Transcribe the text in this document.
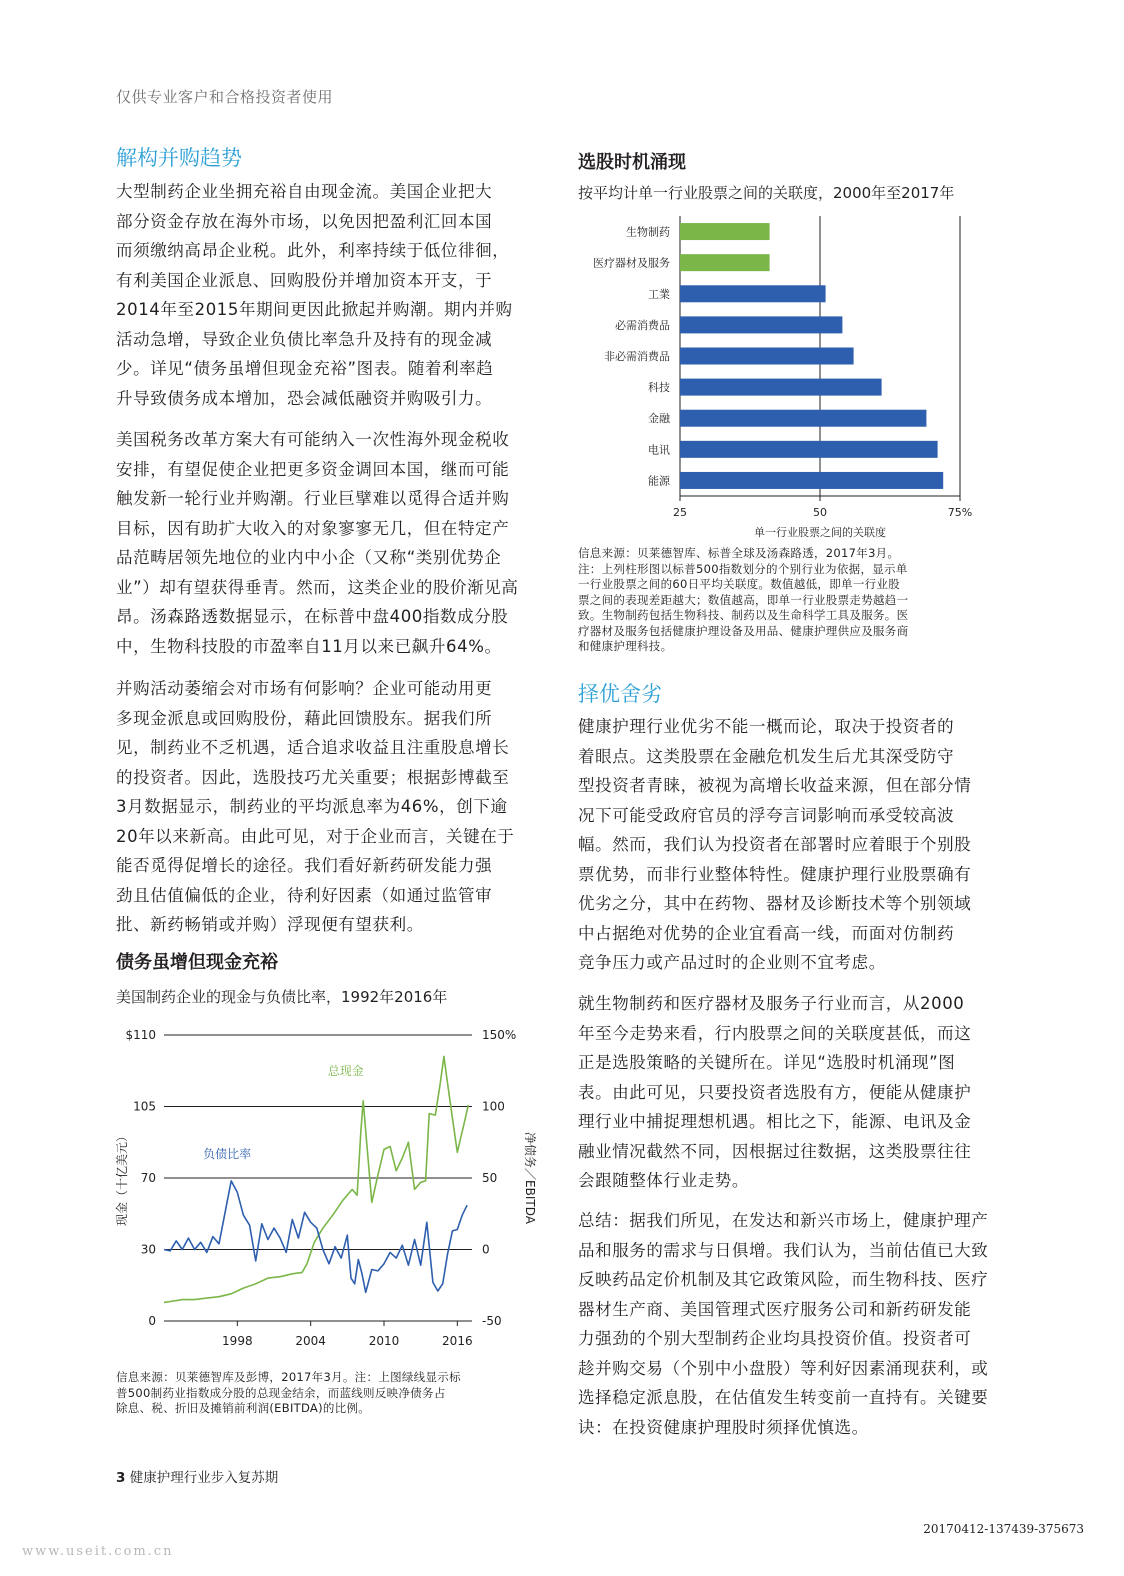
仅供专业客户和合格投资者使用
解构并购趋势

大型制药企业坐拥充裕自由现金流。美国企业把大
部分资金存放在海外市场，以免因把盈利汇回本国
而须缴纳高昂企业税。此外，利率持续于低位徘徊，
有利美国企业派息、回购股份并增加资本开支，于
2014年至2015年期间更因此掀起并购潮。期内并购
活动急增，导致企业负债比率急升及持有的现金减
少。详见“债务虽增但现金充裕”图表。随着利率趋
升导致债务成本增加，恐会减低融资并购吸引力。

美国税务改革方案大有可能纳入一次性海外现金税收
安排，有望促使企业把更多资金调回本国，继而可能
触发新一轮行业并购潮。行业巨擘难以觅得合适并购
目标，因有助扩大收入的对象寥寥无几，但在特定产
品范畴居领先地位的业内中小企（又称“类别优势企
业”）却有望获得垂青。然而，这类企业的股价渐见高
昂。汤森路透数据显示，在标普中盘400指数成分股
中，生物科技股的市盈率自11月以来已飙升64%。

并购活动萎缩会对市场有何影响？企业可能动用更
多现金派息或回购股份，藉此回馈股东。据我们所
见，制药业不乏机遇，适合追求收益且注重股息增长
的投资者。因此，选股技巧尤关重要；根据彭博截至
3月数据显示，制药业的平均派息率为46%，创下逾
20年以来新高。由此可见，对于企业而言，关键在于
能否觅得促增长的途径。我们看好新药研发能力强
劲且估值偏低的企业，待利好因素（如通过监管审
批、新药畅销或并购）浮现便有望获利。

债务虽增但现金充裕
美国制药企业的现金与负债比率，1992年2016年
$110	150%
105	100
70	50
30	0
0	-50
1998	2004	2010	2016
总现金
负债比率
现金（十亿美元）	净债务／EBITDA
信息来源：贝莱德智库及彭博，2017年3月。注：上图绿线显示标
普500制药业指数成分股的总现金结余，而蓝线则反映净债务占
除息、税、折旧及摊销前利润(EBITDA)的比例。
选股时机涌现
按平均计单一行业股票之间的关联度，2000年至2017年
25	50	75%
生物制药
医疗器材及服务
工業
必需消费品
非必需消费品
科技
金融
电讯
能源
单一行业股票之间的关联度
信息来源：贝莱德智库、标普全球及汤森路透，2017年3月。
注：上列柱形图以标普500指数划分的个别行业为依据，显示单
一行业股票之间的60日平均关联度。数值越低，即单一行业股
票之间的表现差距越大；数值越高，即单一行业股票走势越趋一
致。生物制药包括生物科技、制药以及生命科学工具及服务。医
疗器材及服务包括健康护理设备及用品、健康护理供应及服务商
和健康护理科技。
择优舍劣

健康护理行业优劣不能一概而论，取决于投资者的
着眼点。这类股票在金融危机发生后尤其深受防守
型投资者青睐，被视为高增长收益来源，但在部分情
况下可能受政府官员的浮夸言词影响而承受较高波
幅。然而，我们认为投资者在部署时应着眼于个别股
票优势，而非行业整体特性。健康护理行业股票确有
优劣之分，其中在药物、器材及诊断技术等个别领域
中占据绝对优势的企业宜看高一线，而面对仿制药
竞争压力或产品过时的企业则不宜考虑。

就生物制药和医疗器材及服务子行业而言，从2000
年至今走势来看，行内股票之间的关联度甚低，而这
正是选股策略的关键所在。详见“选股时机涌现”图
表。由此可见，只要投资者选股有方，便能从健康护
理行业中捕捉理想机遇。相比之下，能源、电讯及金
融业情况截然不同，因根据过往数据，这类股票往往
会跟随整体行业走势。

总结：据我们所见，在发达和新兴市场上，健康护理产
品和服务的需求与日俱增。我们认为，当前估值已大致
反映药品定价机制及其它政策风险，而生物科技、医疗
器材生产商、美国管理式医疗服务公司和新药研发能
力强劲的个别大型制药企业均具投资价值。投资者可
趁并购交易（个别中小盘股）等利好因素涌现获利，或
选择稳定派息股，在估值发生转变前一直持有。关键要
诀：在投资健康护理股时须择优慎选。

3 健康护理行业步入复苏期
20170412-137439-375673
www.useit.com.cn
